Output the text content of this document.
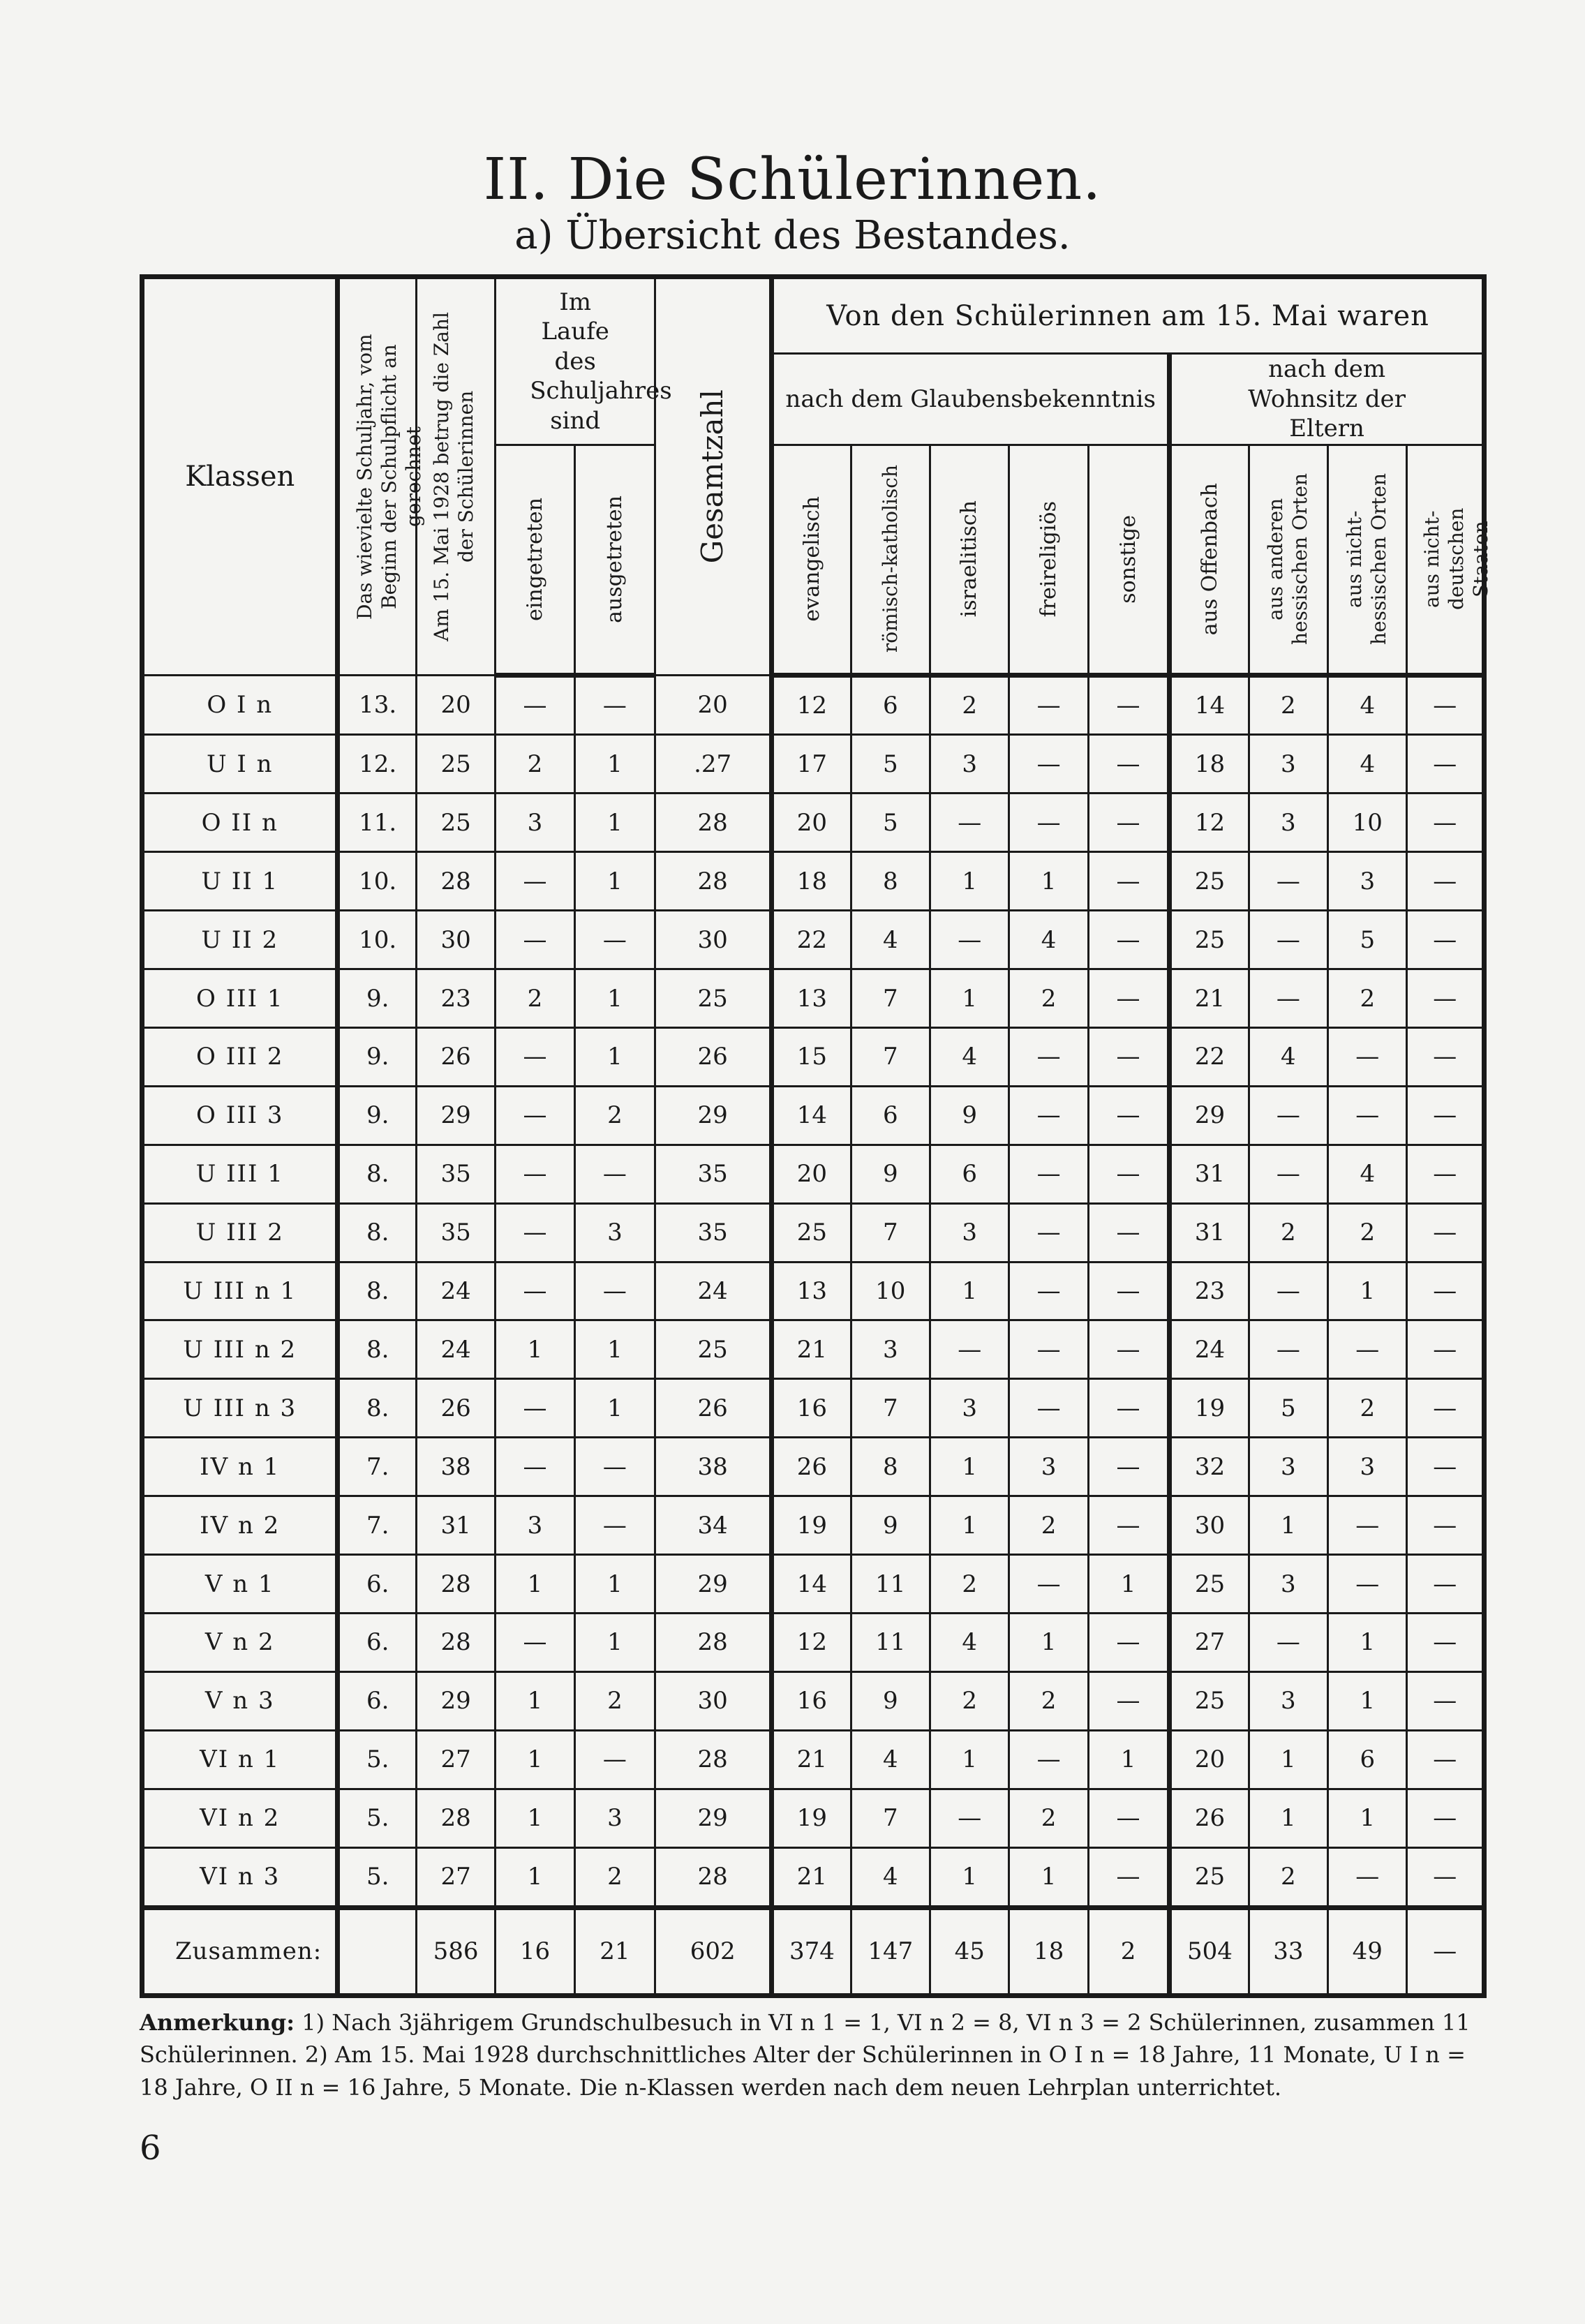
II. Die Schülerinnen.
a) Übersicht des Bestandes.
Klassen	Das wievielte Schuljahr, vom Beginn der Schulpflicht an gerechnet	Am 15. Mai 1928 betrug die Zahl der Schülerinnen	Im Laufe des Schuljahres sind		Gesamtzahl	Von den Schülerinnen am 15. Mai waren								
						nach dem Glaubensbekenntnis					nach dem Wohnsitz der Eltern			

			eingetreten	ausgetreten		evangelisch	römisch-katholisch	israelitisch	freireligiös	sonstige	aus Offenbach	aus anderen hessischen Orten	aus nicht-hessischen Orten	aus nicht-deutschen Staaten

O I n	13.	20	—	—	20	12	6	2	—	—	14	2	4	—
U I n	12.	25	2	1	.27	17	5	3	—	—	18	3	4	—
O II n	11.	25	3	1	28	20	5	—	—	—	12	3	10	—
U II 1	10.	28	—	1	28	18	8	1	1	—	25	—	3	—
U II 2	10.	30	—	—	30	22	4	—	4	—	25	—	5	—
O III 1	9.	23	2	1	25	13	7	1	2	—	21	—	2	—
O III 2	9.	26	—	1	26	15	7	4	—	—	22	4	—	—
O III 3	9.	29	—	2	29	14	6	9	—	—	29	—	—	—
U III 1	8.	35	—	—	35	20	9	6	—	—	31	—	4	—
U III 2	8.	35	—	3	35	25	7	3	—	—	31	2	2	—
U III n 1	8.	24	—	—	24	13	10	1	—	—	23	—	1	—
U III n 2	8.	24	1	1	25	21	3	—	—	—	24	—	—	—
U III n 3	8.	26	—	1	26	16	7	3	—	—	19	5	2	—
IV n 1	7.	38	—	—	38	26	8	1	3	—	32	3	3	—
IV n 2	7.	31	3	—	34	19	9	1	2	—	30	1	—	—
V n 1	6.	28	1	1	29	14	11	2	—	1	25	3	—	—
V n 2	6.	28	—	1	28	12	11	4	1	—	27	—	1	—
V n 3	6.	29	1	2	30	16	9	2	2	—	25	3	1	—
VI n 1	5.	27	1	—	28	21	4	1	—	1	20	1	6	—
VI n 2	5.	28	1	3	29	19	7	—	2	—	26	1	1	—
VI n 3	5.	27	1	2	28	21	4	1	1	—	25	2	—	—
Zusammen:		586	16	21	602	374	147	45	18	2	504	33	49	—
Anmerkung: 1) Nach 3jährigem Grundschulbesuch in VI n 1 = 1, VI n 2 = 8, VI n 3 = 2 Schülerinnen, zusammen 11 Schülerinnen. 2) Am 15. Mai 1928 durchschnittliches Alter der Schülerinnen in O I n = 18 Jahre, 11 Monate, U I n = 18 Jahre, O II n = 16 Jahre, 5 Monate. Die n-Klassen werden nach dem neuen Lehrplan unterrichtet.
6
